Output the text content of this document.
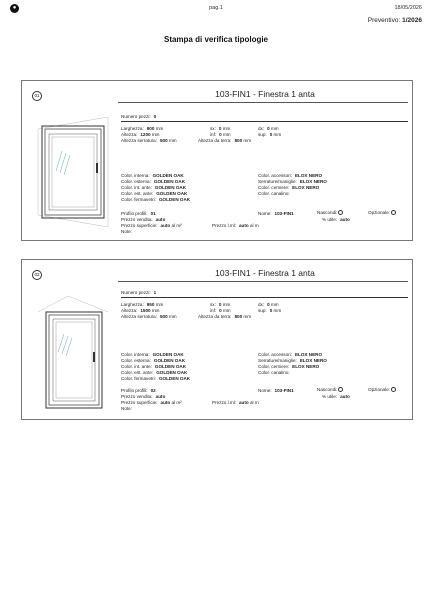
●	pag.1	18/05/2026
Preventivo: 1/2026
Stampa di verifica tipologie
01	103-FIN1 - Finestra 1 anta
Numero pezzi: 0
Larghezza: 900 mm
Altezza: 1200 mm
Altezza serratura: 500 mm	Altezza da terra: 800 mm
sx: 0 mm
inf: 0 mm
dx: 0 mm
sup: 0 mm
Color. interna: GOLDEN OAK
Color. esterna: GOLDEN OAK
Color. int. ante: GOLDEN OAK
Color. est. ante: GOLDEN OAK
Color. fermavetri: GOLDEN OAK
Color. accessori: ELOX NERO
Serrature/maniglie: ELOX NERO
Color. cerniere: ELOX NERO
Color. canalino:
Profilo profili: 01
Prezzo vendita: auto
Prezzo superficie: auto al m²	Prezzo l.ml: auto al m
Note:
Nome: 103-FIN1	Nascondi:	Opzionale:
% utile: auto
02	103-FIN1 - Finestra 1 anta
Numero pezzi: 1
Larghezza: 950 mm
Altezza: 1500 mm
Altezza serratura: 500 mm	Altezza da terra: 800 mm
sx: 0 mm
inf: 0 mm
dx: 0 mm
sup: 0 mm
Color. interna: GOLDEN OAK
Color. esterna: GOLDEN OAK
Color. int. ante: GOLDEN OAK
Color. est. ante: GOLDEN OAK
Color. fermavetri: GOLDEN OAK
Color. accessori: ELOX NERO
Serrature/maniglie: ELOX NERO
Color. cerniere: ELOX NERO
Color. canalino:
Profilo profili: 02
Prezzo vendita: auto
Prezzo superficie: auto al m²	Prezzo l.ml: auto al m
Note:
Nome: 103-FIN1	Nascondi:	Opzionale:
% utile: auto
